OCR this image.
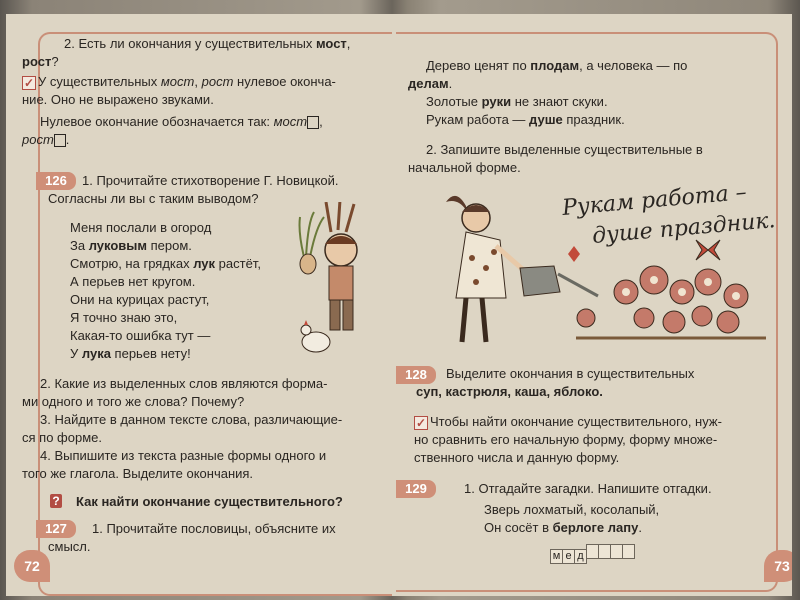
2. Есть ли окончания у существительных мост,
рост?
✓ У существительных мост, рост нулевое оконча-
ние. Оно не выражено звуками.
Нулевое окончание обозначается так: мост ,
рост .
126	1. Прочитайте стихотворение Г. Новицкой.
Согласны ли вы с таким выводом?
Меня послали в огород
За луковым пером.
Смотрю, на грядках лук растёт,
А перьев нет кругом.
Они на курицах растут,
Я точно знаю это,
Какая-то ошибка тут —
У лука перьев нету!
2. Какие из выделенных слов являются форма-
ми одного и того же слова? Почему?
3. Найдите в данном тексте слова, различающие-
ся по форме.
4. Выпишите из текста разные формы одного и
того же глагола. Выделите окончания.
? Как найти окончание существительного?
127	1. Прочитайте пословицы, объясните их
смысл.
72
Дерево ценят по плодам, а человека — по
делам.
Золотые руки не знают скуки.
Рукам работа — душе праздник.
2. Запишите выделенные существительные в
начальной форме.
Рукам работа –
душе праздник.
128	Выделите окончания в существительных
суп, кастрюля, каша, яблоко.
✓ Чтобы найти окончание существительного, нуж-
но сравнить его начальную форму, форму множе-
ственного числа и данную форму.
129	1. Отгадайте загадки. Напишите отгадки.
Зверь лохматый, косолапый,
Он сосёт в берлоге лапу.
м е д
73
